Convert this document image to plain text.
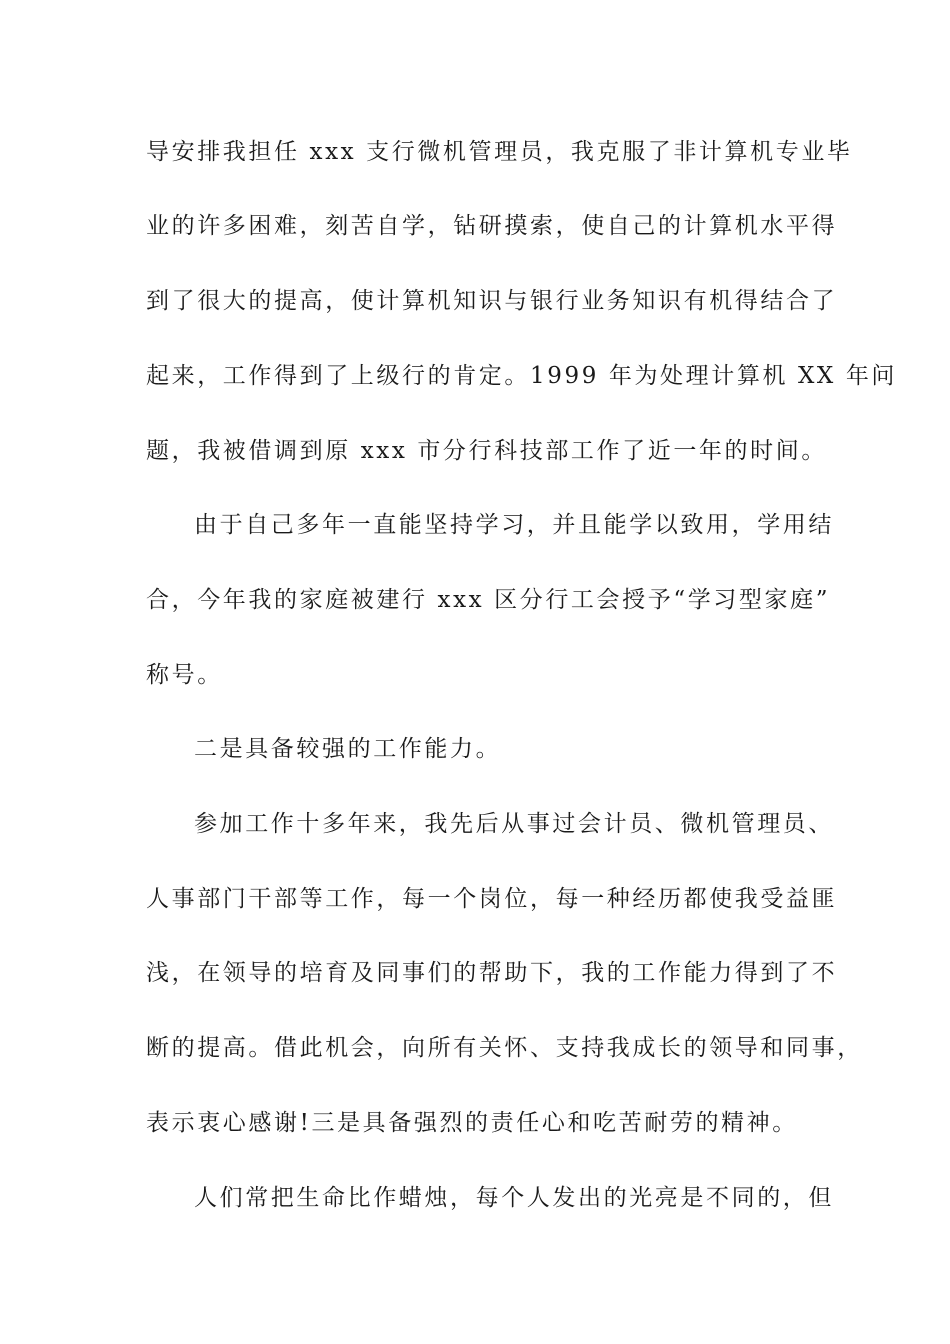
导安排我担任 xxx 支行微机管理员，我克服了非计算机专业毕
业的许多困难，刻苦自学，钻研摸索，使自己的计算机水平得
到了很大的提高，使计算机知识与银行业务知识有机得结合了
起来，工作得到了上级行的肯定。1999 年为处理计算机 XX 年问
题，我被借调到原 xxx 市分行科技部工作了近一年的时间。
由于自己多年一直能坚持学习，并且能学以致用，学用结
合，今年我的家庭被建行 xxx 区分行工会授予“学习型家庭”
称号。
二是具备较强的工作能力。
参加工作十多年来，我先后从事过会计员、微机管理员、
人事部门干部等工作，每一个岗位，每一种经历都使我受益匪
浅，在领导的培育及同事们的帮助下，我的工作能力得到了不
断的提高。借此机会，向所有关怀、支持我成长的领导和同事，
表示衷心感谢!三是具备强烈的责任心和吃苦耐劳的精神。
人们常把生命比作蜡烛，每个人发出的光亮是不同的，但
